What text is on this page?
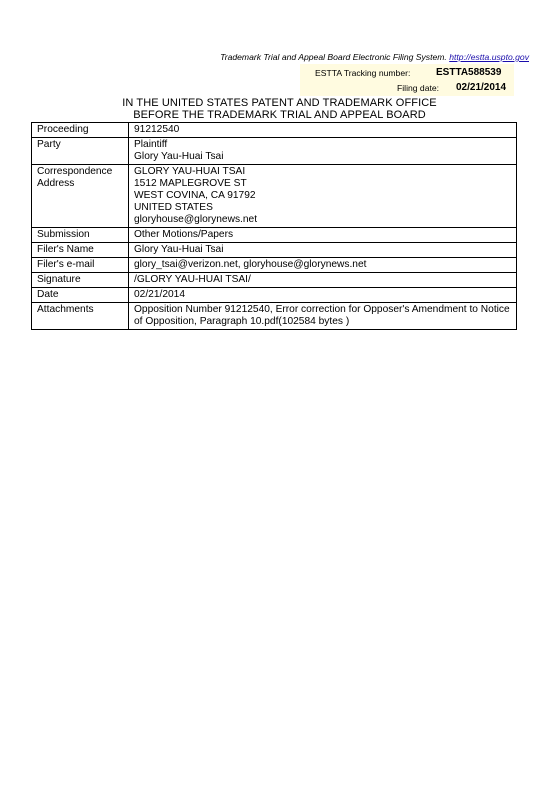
Trademark Trial and Appeal Board Electronic Filing System. http://estta.uspto.gov
ESTTA Tracking number:	ESTTA588539
Filing date: 02/21/2014
IN THE UNITED STATES PATENT AND TRADEMARK OFFICE
BEFORE THE TRADEMARK TRIAL AND APPEAL BOARD
Proceeding	91212540

Party	Plaintiff
Glory Yau-Huai Tsai

Correspondence Address	GLORY YAU-HUAI TSAI
1512 MAPLEGROVE ST
WEST COVINA, CA 91792
UNITED STATES
gloryhouse@glorynews.net

Submission	Other Motions/Papers

Filer's Name	Glory Yau-Huai Tsai

Filer's e-mail	glory_tsai@verizon.net, gloryhouse@glorynews.net

Signature	/GLORY YAU-HUAI TSAI/

Date	02/21/2014

Attachments	Opposition Number 91212540, Error correction for Opposer's Amendment to Notice of Opposition, Paragraph 10.pdf(102584 bytes )
